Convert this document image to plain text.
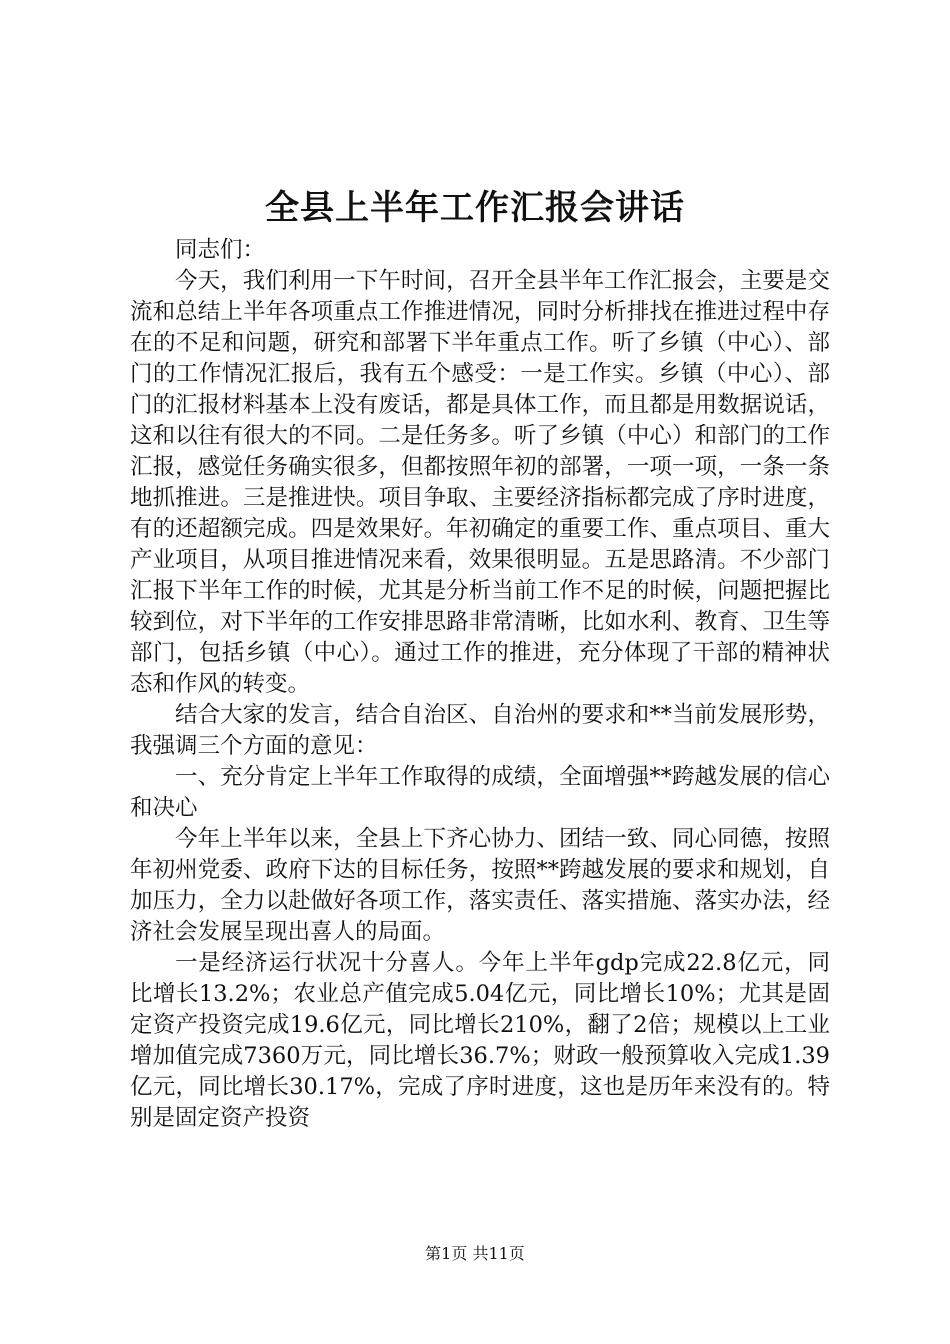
全县上半年工作汇报会讲话

同志们：

今天，我们利用一下午时间，召开全县半年工作汇报会，主要是交流和总结上半年各项重点工作推进情况，同时分析排找在推进过程中存在的不足和问题，研究和部署下半年重点工作。听了乡镇（中心）、部门的工作情况汇报后，我有五个感受：一是工作实。乡镇（中心）、部门的汇报材料基本上没有废话，都是具体工作，而且都是用数据说话，这和以往有很大的不同。二是任务多。听了乡镇（中心）和部门的工作汇报，感觉任务确实很多，但都按照年初的部署，一项一项，一条一条地抓推进。三是推进快。项目争取、主要经济指标都完成了序时进度，有的还超额完成。四是效果好。年初确定的重要工作、重点项目、重大产业项目，从项目推进情况来看，效果很明显。五是思路清。不少部门汇报下半年工作的时候，尤其是分析当前工作不足的时候，问题把握比较到位，对下半年的工作安排思路非常清晰，比如水利、教育、卫生等部门，包括乡镇（中心）。通过工作的推进，充分体现了干部的精神状态和作风的转变。

结合大家的发言，结合自治区、自治州的要求和**当前发展形势，我强调三个方面的意见：

一、充分肯定上半年工作取得的成绩，全面增强**跨越发展的信心和决心

今年上半年以来，全县上下齐心协力、团结一致、同心同德，按照年初州党委、政府下达的目标任务，按照**跨越发展的要求和规划，自加压力，全力以赴做好各项工作，落实责任、落实措施、落实办法，经济社会发展呈现出喜人的局面。

一是经济运行状况十分喜人。今年上半年gdp完成22.8亿元，同比增长13.2%；农业总产值完成5.04亿元，同比增长10%；尤其是固定资产投资完成19.6亿元，同比增长210%，翻了2倍；规模以上工业增加值完成7360万元，同比增长36.7%；财政一般预算收入完成1.39亿元，同比增长30.17%，完成了序时进度，这也是历年来没有的。特别是固定资产投资

第1页 共11页
